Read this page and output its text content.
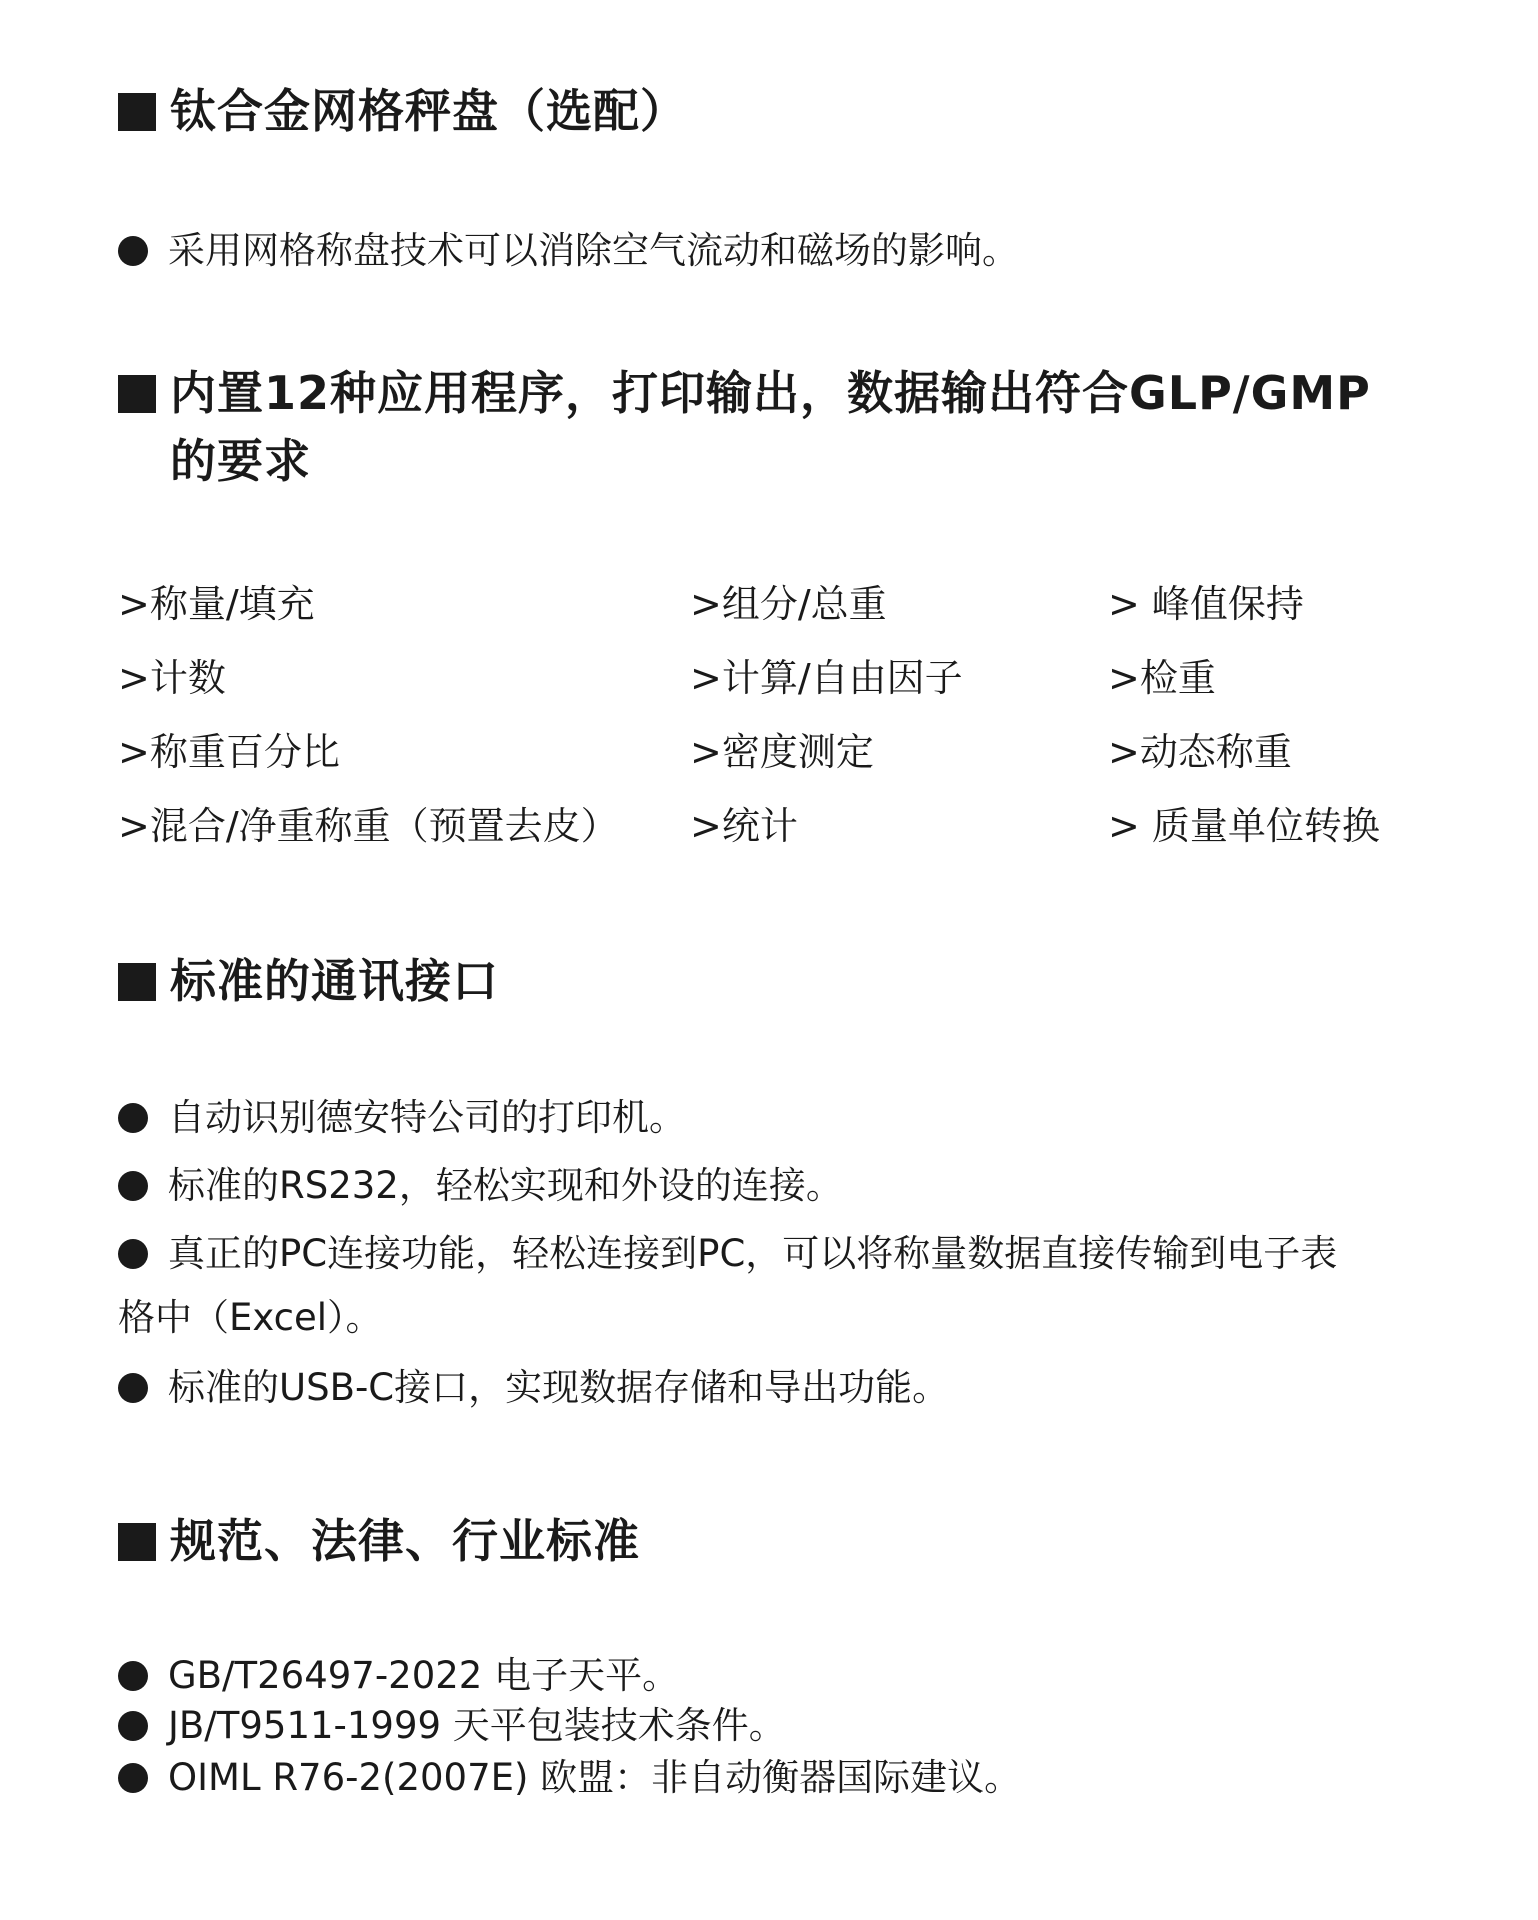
钛合金网格秤盘（选配）
采用网格称盘技术可以消除空气流动和磁场的影响。
内置12种应用程序，打印输出，数据输出符合GLP/GMP
的要求
>称量/填充
>计数
>称重百分比
>混合/净重称重（预置去皮）
>组分/总重
>计算/自由因子
>密度测定
>统计
> 峰值保持
>检重
>动态称重
> 质量单位转换
标准的通讯接口
自动识别德安特公司的打印机。
标准的RS232，轻松实现和外设的连接。
真正的PC连接功能，轻松连接到PC，可以将称量数据直接传输到电子表
格中（Excel）。
标准的USB-C接口，实现数据存储和导出功能。
规范、法律、行业标准
GB/T26497-2022 电子天平。
JB/T9511-1999 天平包装技术条件。
OIML R76-2(2007E) 欧盟：非自动衡器国际建议。
